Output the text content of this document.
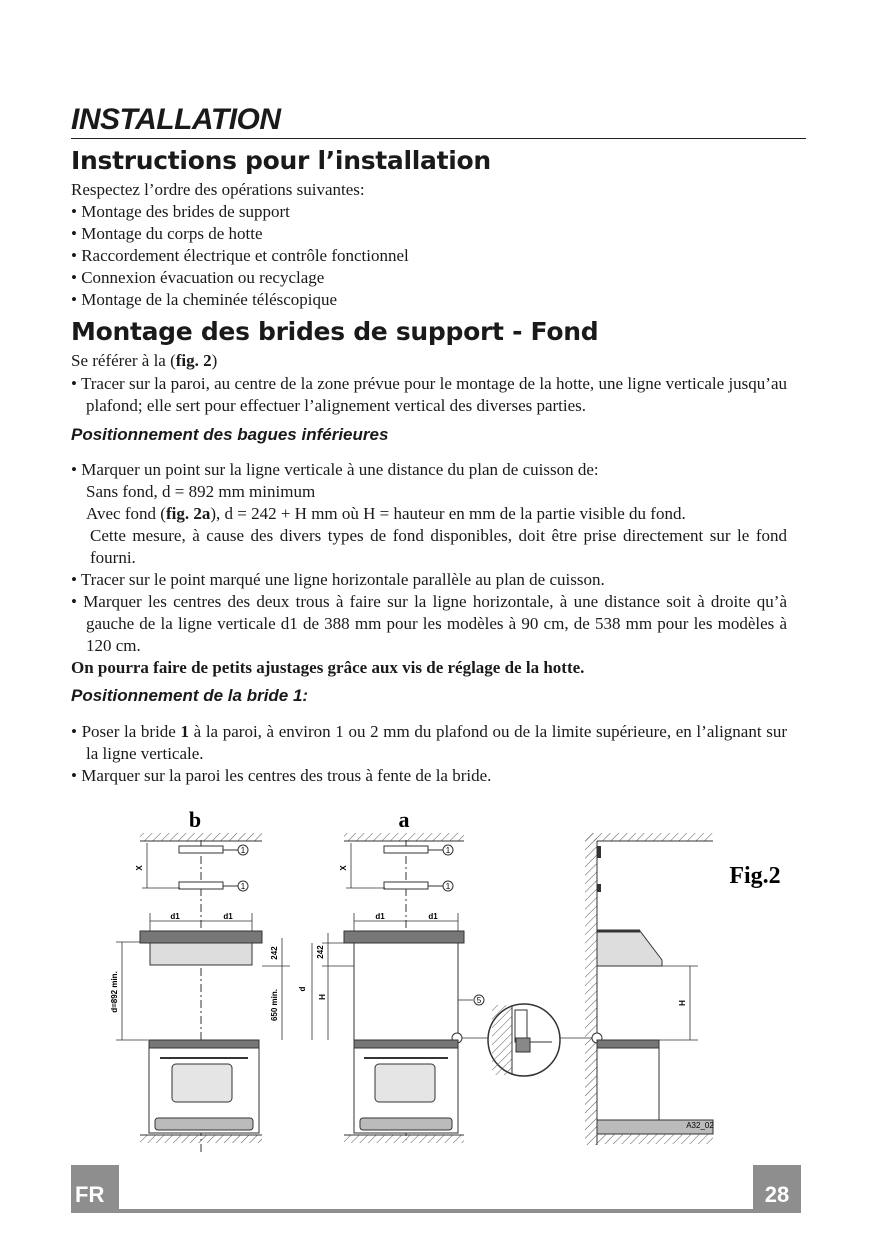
INSTALLATION
Instructions pour l’installation

Respectez l’ordre des opérations suivantes:

• Montage des brides de support

• Montage du corps de hotte

• Raccordement électrique et contrôle fonctionnel

• Connexion évacuation ou recyclage

• Montage de la cheminée téléscopique

Montage des brides de support - Fond

Se référer à la (fig. 2)

• Tracer sur la paroi, au centre de la zone prévue pour le montage de la hotte, une ligne verticale jusqu’au plafond; elle sert pour effectuer l’alignement vertical des diverses parties.

Positionnement des bagues inférieures

• Marquer un point sur la ligne verticale à une distance du plan de cuisson de:

Sans fond, d = 892 mm minimum

Avec fond (fig. 2a), d = 242 + H mm où H = hauteur en mm de la partie visible du fond.

Cette mesure, à cause des divers types de fond disponibles, doit être prise directement sur le fond fourni.

• Tracer sur le point marqué une ligne horizontale parallèle au plan de cuisson.

• Marquer les centres des deux trous à faire sur la ligne horizontale, à une distance soit à droite qu’à gauche de la ligne verticale d1 de 388 mm pour les modèles à 90 cm, de 538 mm pour les modèles à 120 cm.

On pourra faire de petits ajustages grâce aux vis de réglage de la hotte.

Positionnement de la bride 1:

• Poser la bride 1 à la paroi, à environ 1 ou 2 mm du plafond ou de la limite supérieure, en l’alignant sur la ligne verticale.

• Marquer sur la paroi les centres des trous à fente de la bride.

b	a
1
1
X
d1	d1
d=892 min.
242
650 min.
1
1
X
d1	d1
242
d
H	5
Fig.2
H
A32_02
FR	28
